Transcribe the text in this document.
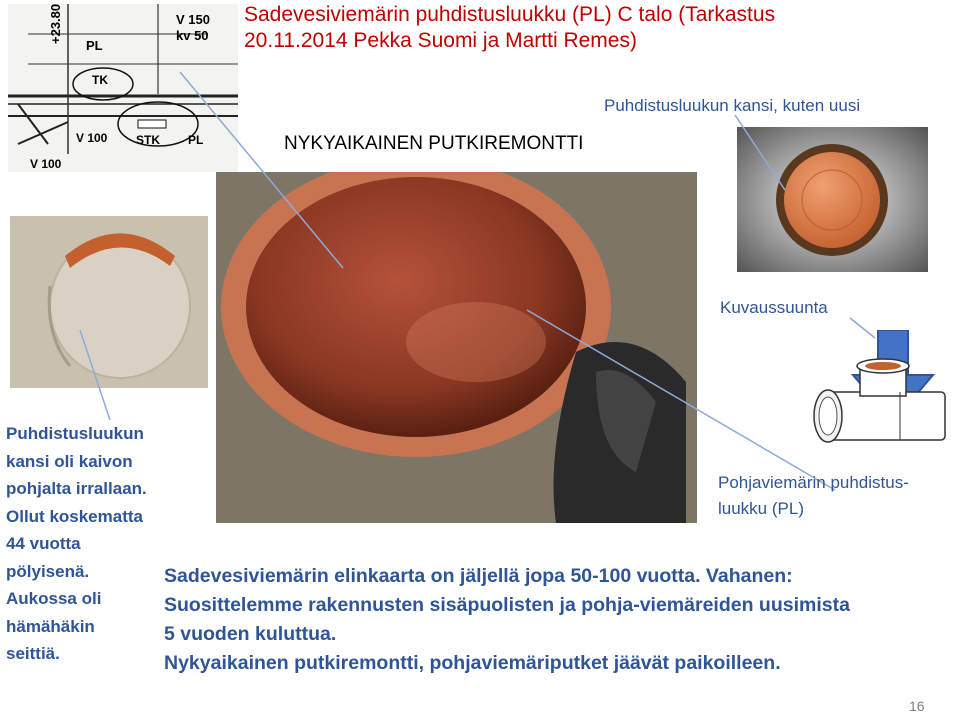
Sadevesiviemärin puhdistusluukku (PL) C talo (Tarkastus 20.11.2014 Pekka Suomi ja Martti Remes)
+23.80	V 150
kv 50
PL
TK
V 100 STK PL
V 100
Puhdistusluukun kansi, kuten uusi
NYKYAIKAINEN PUTKIREMONTTI
Kuvaussuunta
Pohjaviemärin puhdistus-
luukku (PL)
Puhdistusluukun
kansi oli kaivon
pohjalta irrallaan.
Ollut koskematta
44 vuotta
pölyisenä.
Aukossa oli
hämähäkin
seittiä.
Sadevesiviemärin elinkaarta on jäljellä jopa 50-100 vuotta. Vahanen:
Suosittelemme rakennusten sisäpuolisten ja pohja-viemäreiden uusimista
5 vuoden kuluttua.
Nykyaikainen putkiremontti, pohjaviemäriputket jäävät paikoilleen.
16
